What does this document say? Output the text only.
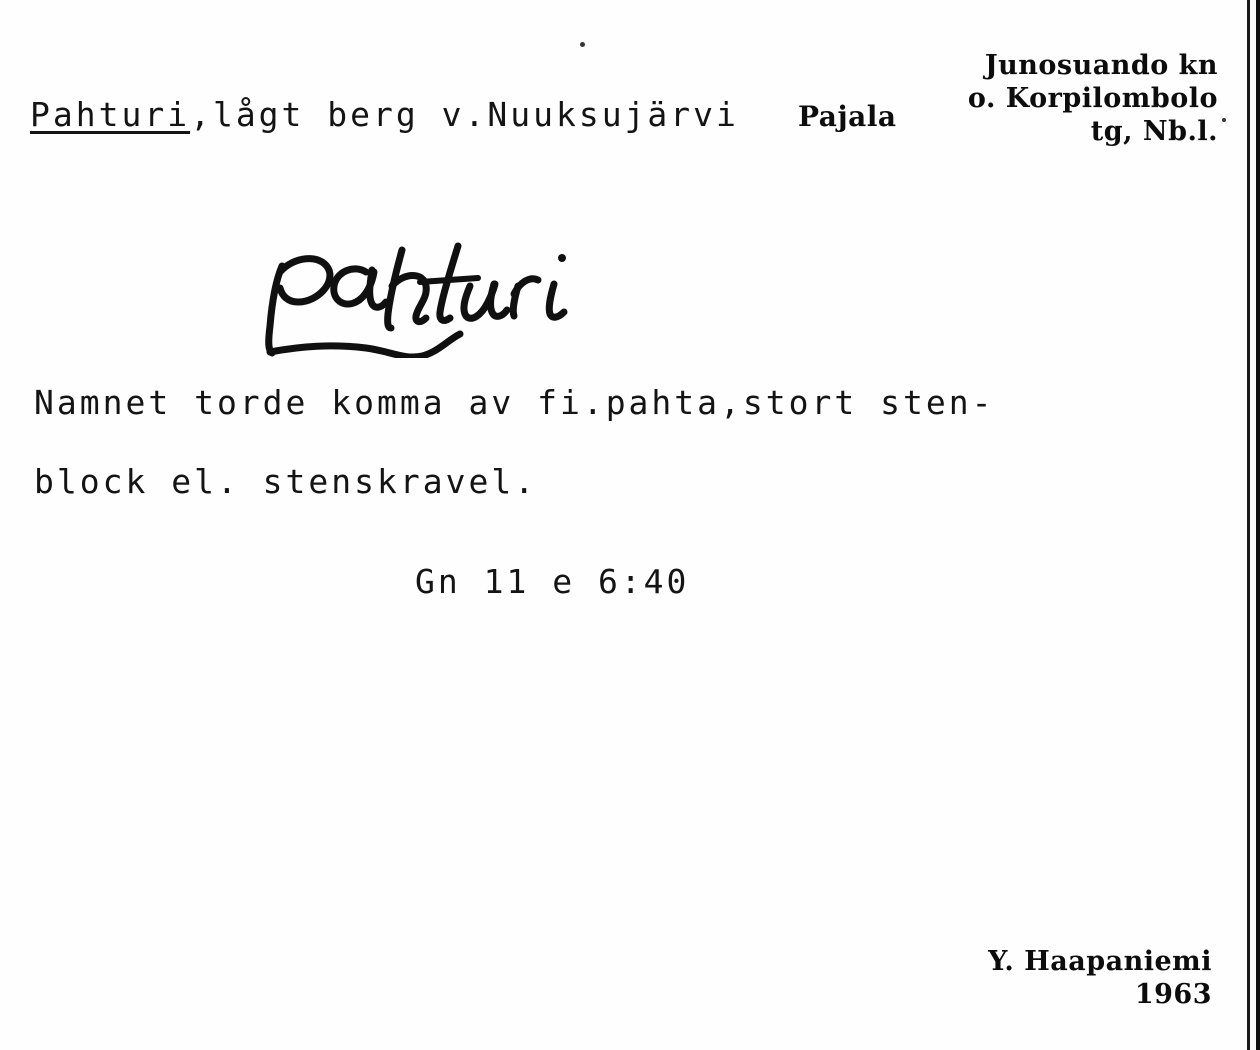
Junosuando kn
o. Korpilombolo
tg, Nb.l.
Pahturi,lågt berg v.Nuuksujärvi	Pajala
Namnet torde komma av fi.pahta,stort sten-
block el. stenskravel.
Gn 11 e 6:40
Y. Haapaniemi
1963
